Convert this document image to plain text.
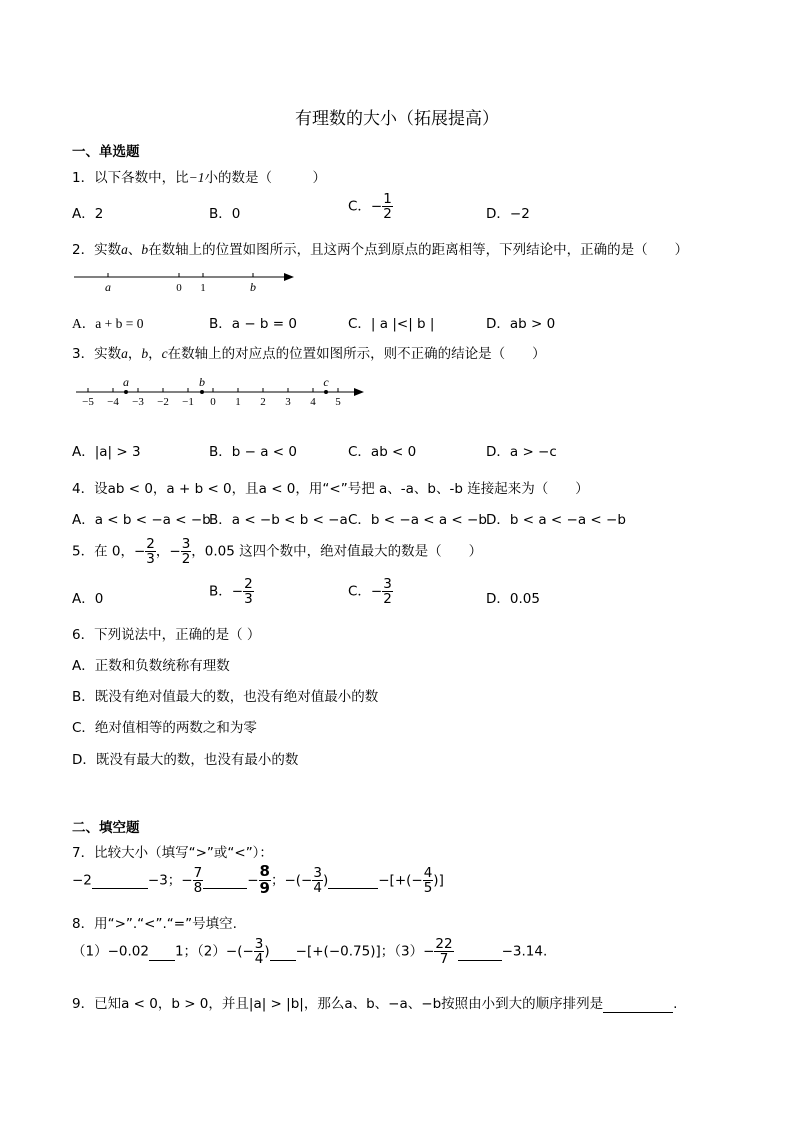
有理数的大小（拓展提高）
一、单选题
1．以下各数中，比−1小的数是（　　　）
A．2	B．0	C．− $\frac{1}{2}$	D．−2
2．实数a、b在数轴上的位置如图所示，且这两个点到原点的距离相等，下列结论中，正确的是（　　）
a	0 1	b
A．a + b = 0	B．a − b = 0	C．| a |<| b |	D．ab > 0
3．实数a，b，c在数轴上的对应点的位置如图所示，则不正确的结论是（　　）
−5 −4 −3 −2 −1 0 1 2 3 4 5
a	b	c
A．|a| > 3	B．b − a < 0	C．ab < 0	D．a > −c
4．设ab < 0，a + b < 0，且a < 0，用“<”号把 a、-a、b、-b 连接起来为（　　）
A．a < b < −a < −b
B．a < −b < b < −a C．b < −a < a < −b D．b < a < −a < −b
5．在 0，− $\frac{2}{3}$ ，− $\frac{3}{2}$ ，0.05 这四个数中，绝对值最大的数是（　　）
A．0	B．− $\frac{2}{3}$	C．− $\frac{3}{2}$	D．0.05
6．下列说法中，正确的是（ ）
A．正数和负数统称有理数
B．既没有绝对值最大的数，也没有绝对值最小的数
C．绝对值相等的两数之和为零
D．既没有最大的数，也没有最小的数
二、填空题
7．比较大小（填写“>”或“<”）：
−2	−3；− $\frac{7}{8}$	− $\frac{8}{9}$ ；−(− $\frac{3}{4}$ )	−[+(− $\frac{4}{5}$ )]
8．用“>”.“<”.“=”号填空.
（1）−0.02 1；$(2)-(- \frac{3}{4}$ ) −[+(−0.75)]；$(3)- \frac{22}{7}$	−3.14.
9．已知a < 0，b > 0，并且|a| > |b|，那么a、b、−a、−b按照由小到大的顺序排列是	.
